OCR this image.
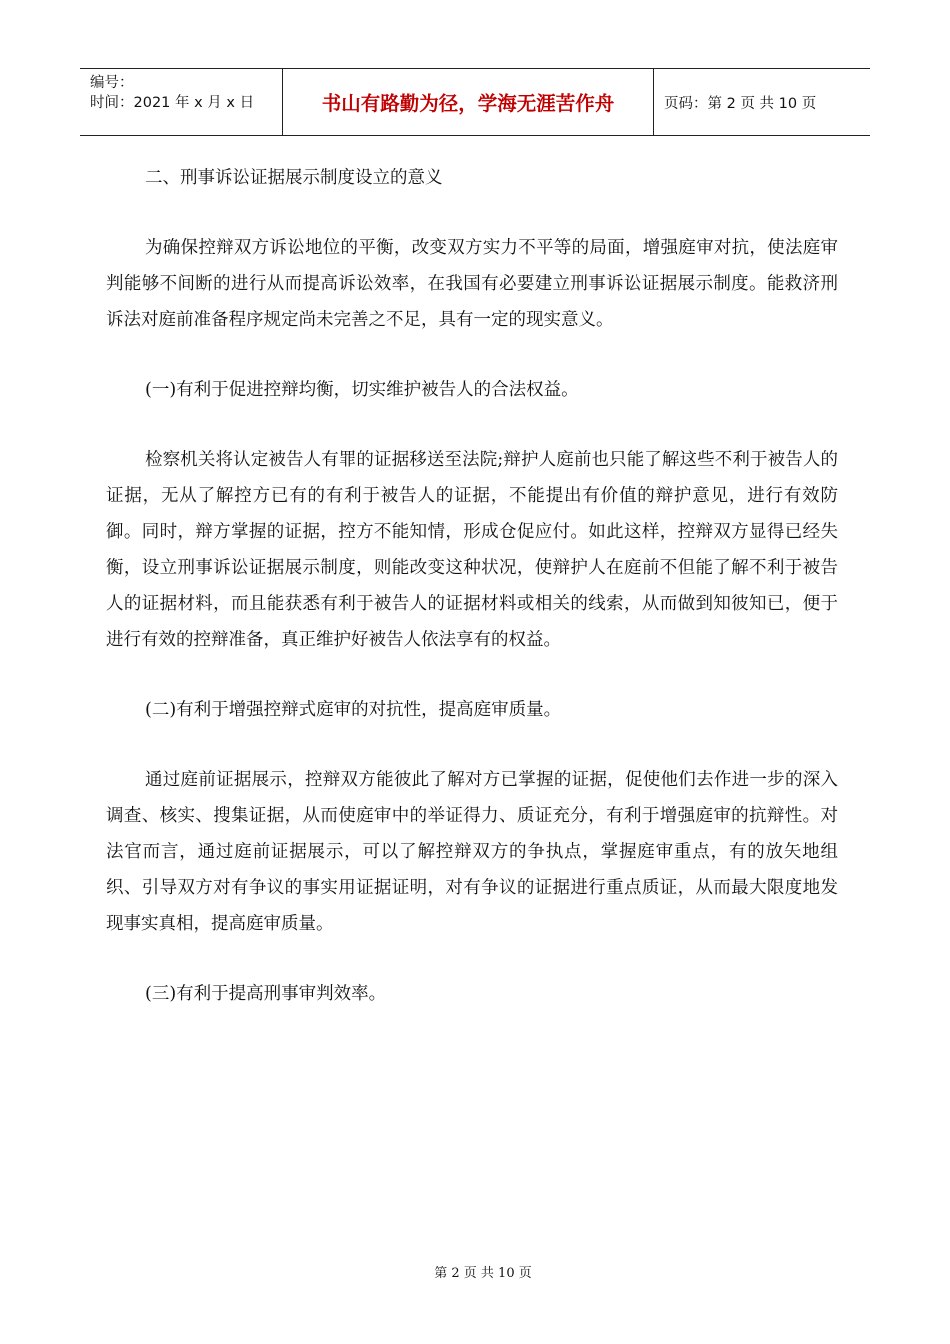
编号：
时间：2021 年 x 月 x 日	书山有路勤为径，学海无涯苦作舟	页码：第 2 页 共 10 页

二、刑事诉讼证据展示制度设立的意义

为确保控辩双方诉讼地位的平衡，改变双方实力不平等的局面，增强庭审对抗，使法庭审判能够不间断的进行从而提高诉讼效率，在我国有必要建立刑事诉讼证据展示制度。能救济刑诉法对庭前准备程序规定尚未完善之不足，具有一定的现实意义。

(一)有利于促进控辩均衡，切实维护被告人的合法权益。

检察机关将认定被告人有罪的证据移送至法院;辩护人庭前也只能了解这些不利于被告人的证据，无从了解控方已有的有利于被告人的证据，不能提出有价值的辩护意见，进行有效防御。同时，辩方掌握的证据，控方不能知情，形成仓促应付。如此这样，控辩双方显得已经失衡，设立刑事诉讼证据展示制度，则能改变这种状况，使辩护人在庭前不但能了解不利于被告人的证据材料，而且能获悉有利于被告人的证据材料或相关的线索，从而做到知彼知已，便于进行有效的控辩准备，真正维护好被告人依法享有的权益。

(二)有利于增强控辩式庭审的对抗性，提高庭审质量。

通过庭前证据展示，控辩双方能彼此了解对方已掌握的证据，促使他们去作进一步的深入调查、核实、搜集证据，从而使庭审中的举证得力、质证充分，有利于增强庭审的抗辩性。对法官而言，通过庭前证据展示，可以了解控辩双方的争执点，掌握庭审重点，有的放矢地组织、引导双方对有争议的事实用证据证明，对有争议的证据进行重点质证，从而最大限度地发现事实真相，提高庭审质量。

(三)有利于提高刑事审判效率。

第 2 页 共 10 页
